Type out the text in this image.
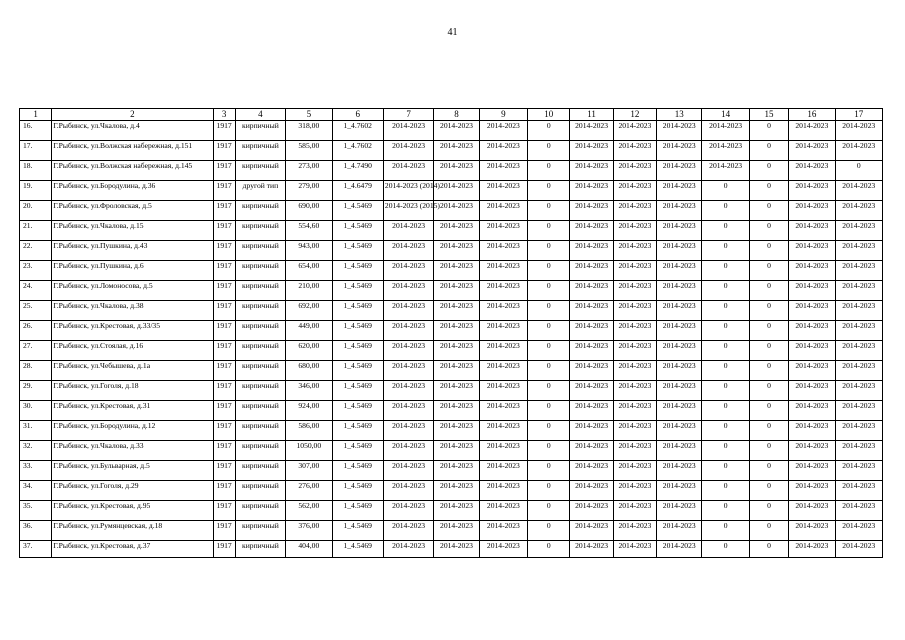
41
1	2	3	4	5	6	7	8	9	10	11	12	13	14	15	16	17
16.	Г.Рыбинск, ул.Чкалова, д.4	1917	кирпичный	318,00	1_4.7602	2014-2023	2014-2023	2014-2023	0	2014-2023	2014-2023	2014-2023	2014-2023	0	2014-2023	2014-2023
17.	Г.Рыбинск, ул.Волжская набережная, д.151	1917	кирпичный	585,00	1_4.7602	2014-2023	2014-2023	2014-2023	0	2014-2023	2014-2023	2014-2023	2014-2023	0	2014-2023	2014-2023
18.	Г.Рыбинск, ул.Волжская набережная, д.145	1917	кирпичный	273,00	1_4.7490	2014-2023	2014-2023	2014-2023	0	2014-2023	2014-2023	2014-2023	2014-2023	0	2014-2023	0
19.	Г.Рыбинск, ул.Бородулина, д.36	1917	другой тип	279,00	1_4.6479	2014-2023 (2014)	2014-2023	2014-2023	0	2014-2023	2014-2023	2014-2023	0	0	2014-2023	2014-2023
20.	Г.Рыбинск, ул.Фроловская, д.5	1917	кирпичный	690,00	1_4.5469	2014-2023 (2015)	2014-2023	2014-2023	0	2014-2023	2014-2023	2014-2023	0	0	2014-2023	2014-2023
21.	Г.Рыбинск, ул.Чкалова, д.15	1917	кирпичный	554,60	1_4.5469	2014-2023	2014-2023	2014-2023	0	2014-2023	2014-2023	2014-2023	0	0	2014-2023	2014-2023
22.	Г.Рыбинск, ул.Пушкина, д.43	1917	кирпичный	943,00	1_4.5469	2014-2023	2014-2023	2014-2023	0	2014-2023	2014-2023	2014-2023	0	0	2014-2023	2014-2023
23.	Г.Рыбинск, ул.Пушкина, д.6	1917	кирпичный	654,00	1_4.5469	2014-2023	2014-2023	2014-2023	0	2014-2023	2014-2023	2014-2023	0	0	2014-2023	2014-2023
24.	Г.Рыбинск, ул.Ломоносова, д.5	1917	кирпичный	210,00	1_4.5469	2014-2023	2014-2023	2014-2023	0	2014-2023	2014-2023	2014-2023	0	0	2014-2023	2014-2023
25.	Г.Рыбинск, ул.Чкалова, д.38	1917	кирпичный	692,00	1_4.5469	2014-2023	2014-2023	2014-2023	0	2014-2023	2014-2023	2014-2023	0	0	2014-2023	2014-2023
26.	Г.Рыбинск, ул.Крестовая, д.33/35	1917	кирпичный	449,00	1_4.5469	2014-2023	2014-2023	2014-2023	0	2014-2023	2014-2023	2014-2023	0	0	2014-2023	2014-2023
27.	Г.Рыбинск, ул.Стоялая, д.16	1917	кирпичный	620,00	1_4.5469	2014-2023	2014-2023	2014-2023	0	2014-2023	2014-2023	2014-2023	0	0	2014-2023	2014-2023
28.	Г.Рыбинск, ул.Чебышева, д.1а	1917	кирпичный	680,00	1_4.5469	2014-2023	2014-2023	2014-2023	0	2014-2023	2014-2023	2014-2023	0	0	2014-2023	2014-2023
29.	Г.Рыбинск, ул.Гоголя, д.18	1917	кирпичный	346,00	1_4.5469	2014-2023	2014-2023	2014-2023	0	2014-2023	2014-2023	2014-2023	0	0	2014-2023	2014-2023
30.	Г.Рыбинск, ул.Крестовая, д.31	1917	кирпичный	924,00	1_4.5469	2014-2023	2014-2023	2014-2023	0	2014-2023	2014-2023	2014-2023	0	0	2014-2023	2014-2023
31.	Г.Рыбинск, ул.Бородулина, д.12	1917	кирпичный	586,00	1_4.5469	2014-2023	2014-2023	2014-2023	0	2014-2023	2014-2023	2014-2023	0	0	2014-2023	2014-2023
32.	Г.Рыбинск, ул.Чкалова, д.33	1917	кирпичный	1050,00	1_4.5469	2014-2023	2014-2023	2014-2023	0	2014-2023	2014-2023	2014-2023	0	0	2014-2023	2014-2023
33.	Г.Рыбинск, ул.Бульварная, д.5	1917	кирпичный	307,00	1_4.5469	2014-2023	2014-2023	2014-2023	0	2014-2023	2014-2023	2014-2023	0	0	2014-2023	2014-2023
34.	Г.Рыбинск, ул.Гоголя, д.29	1917	кирпичный	276,00	1_4.5469	2014-2023	2014-2023	2014-2023	0	2014-2023	2014-2023	2014-2023	0	0	2014-2023	2014-2023
35.	Г.Рыбинск, ул.Крестовая, д.95	1917	кирпичный	562,00	1_4.5469	2014-2023	2014-2023	2014-2023	0	2014-2023	2014-2023	2014-2023	0	0	2014-2023	2014-2023
36.	Г.Рыбинск, ул.Румянцевская, д.18	1917	кирпичный	376,00	1_4.5469	2014-2023	2014-2023	2014-2023	0	2014-2023	2014-2023	2014-2023	0	0	2014-2023	2014-2023
37.	Г.Рыбинск, ул.Крестовая, д.37	1917	кирпичный	404,00	1_4.5469	2014-2023	2014-2023	2014-2023	0	2014-2023	2014-2023	2014-2023	0	0	2014-2023	2014-2023
